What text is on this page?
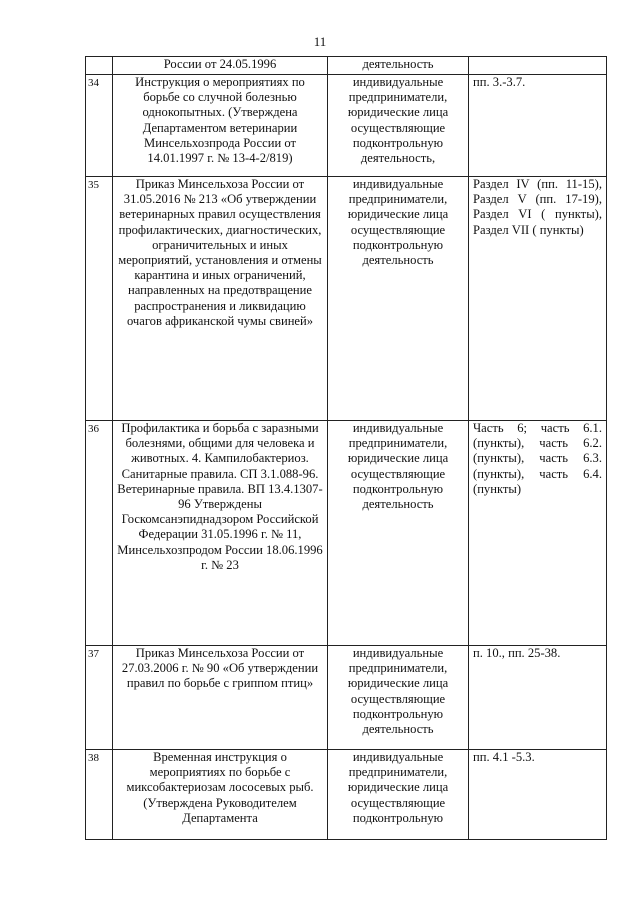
11

	России от 24.05.1996	деятельность	

34	Инструкция о мероприятиях по борьбе со случной болезнью однокопытных. (Утверждена Департаментом ветеринарии Минсельхозпрода России от 14.01.1997 г. № 13-4-2/819)	индивидуальные предприниматели, юридические лица осуществляющие подконтрольную деятельность,	пп. 3.-3.7.

35	Приказ Минсельхоза России от 31.05.2016 № 213 «Об утверждении ветеринарных правил осуществления профилактических, диагностических, ограничительных и иных мероприятий, установления и отмены карантина и иных ограничений, направленных на предотвращение распространения и ликвидацию очагов африканской чумы свиней»	индивидуальные предприниматели, юридические лица осуществляющие подконтрольную деятельность	Раздел IV (пп. 11-15), Раздел V (пп. 17-19), Раздел VI ( пункты), Раздел VII ( пункты)

36	Профилактика и борьба с заразными болезнями, общими для человека и животных. 4. Кампилобактериоз. Санитарные правила. СП 3.1.088-96. Ветеринарные правила. ВП 13.4.1307-96 Утверждены Госкомсанэпиднадзором Российской Федерации 31.05.1996 г. № 11, Минсельхозпродом России 18.06.1996 г. № 23	индивидуальные предприниматели, юридические лица осуществляющие подконтрольную деятельность	Часть 6; часть 6.1. (пункты), часть 6.2. (пункты), часть 6.3. (пункты), часть 6.4. (пункты)

37	Приказ Минсельхоза России от 27.03.2006 г. № 90 «Об утверждении правил по борьбе с гриппом птиц»	индивидуальные предприниматели, юридические лица осуществляющие подконтрольную деятельность	п. 10., пп. 25-38.

38	Временная инструкция о мероприятиях по борьбе с миксобактериозам лососевых рыб. (Утверждена Руководителем Департамента	индивидуальные предприниматели, юридические лица осуществляющие подконтрольную	пп. 4.1 -5.3.
